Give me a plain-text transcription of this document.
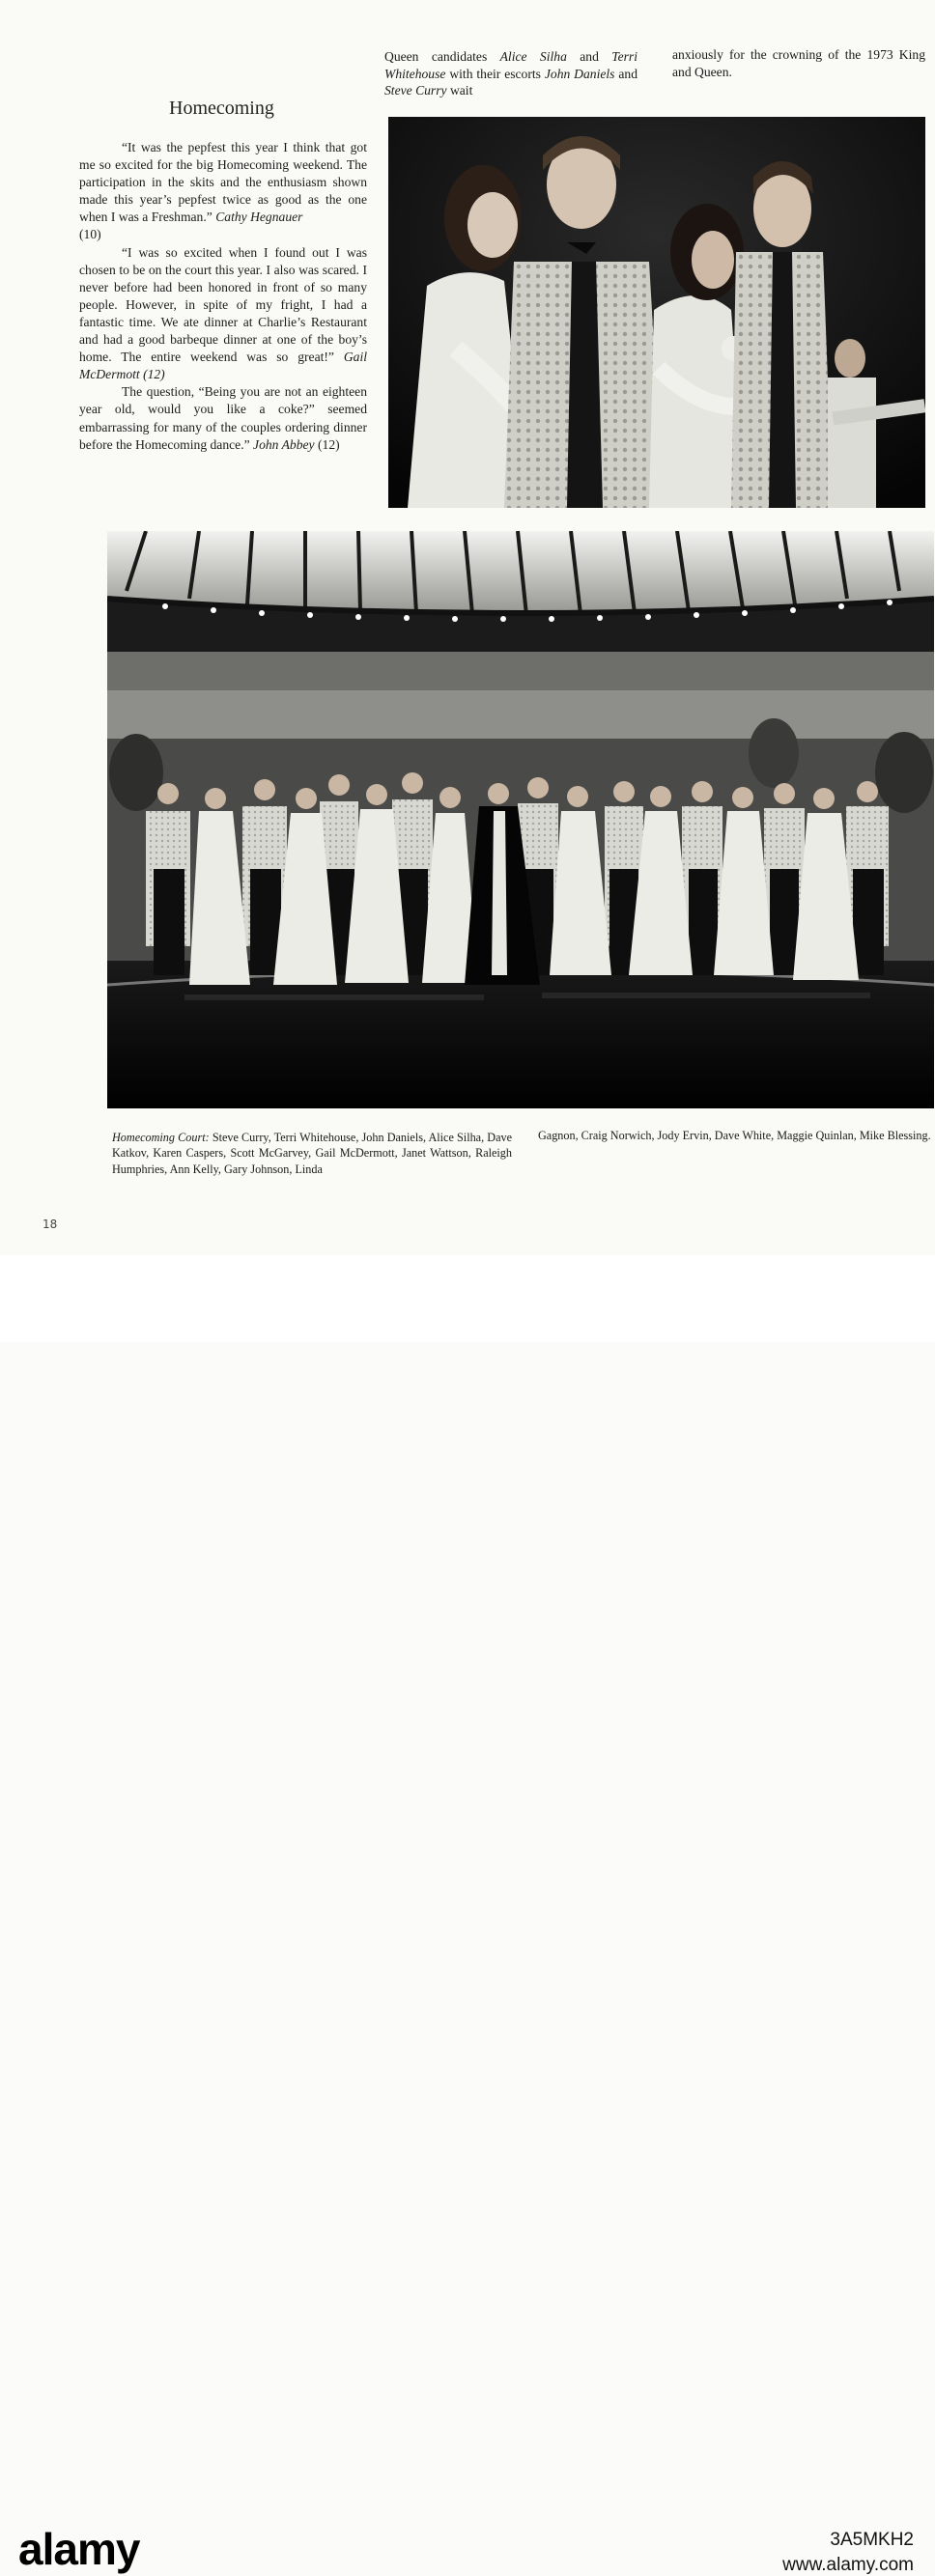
Queen candidates Alice Silha and Terri Whitehouse with their escorts John Daniels and Steve Curry wait
anxiously for the crowning of the 1973 King and Queen.
Homecoming

“It was the pepfest this year I think that got me so excited for the big Homecoming weekend. The participation in the skits and the enthusiasm shown made this year’s pepfest twice as good as the one when I was a Freshman.” Cathy Hegnauer
(10)

“I was so excited when I found out I was chosen to be on the court this year. I also was scared. I never before had been honored in front of so many people. However, in spite of my fright, I had a fantastic time. We ate dinner at Charlie’s Restaurant and had a good barbeque dinner at one of the boy’s home. The entire weekend was so great!” Gail McDermott (12)

The question, “Being you are not an eighteen year old, would you like a coke?” seemed embarrassing for many of the couples ordering dinner before the Homecoming dance.” John Abbey (12)

Homecoming Court: Steve Curry, Terri Whitehouse, John Daniels, Alice Silha, Dave Katkov, Karen Caspers, Scott McGarvey, Gail McDermott, Janet Wattson, Raleigh Humphries, Ann Kelly, Gary Johnson, Linda
Gagnon, Craig Norwich, Jody Ervin, Dave White, Maggie Quinlan, Mike Blessing.
18
alamy	3A5MKH2
www.alamy.com
